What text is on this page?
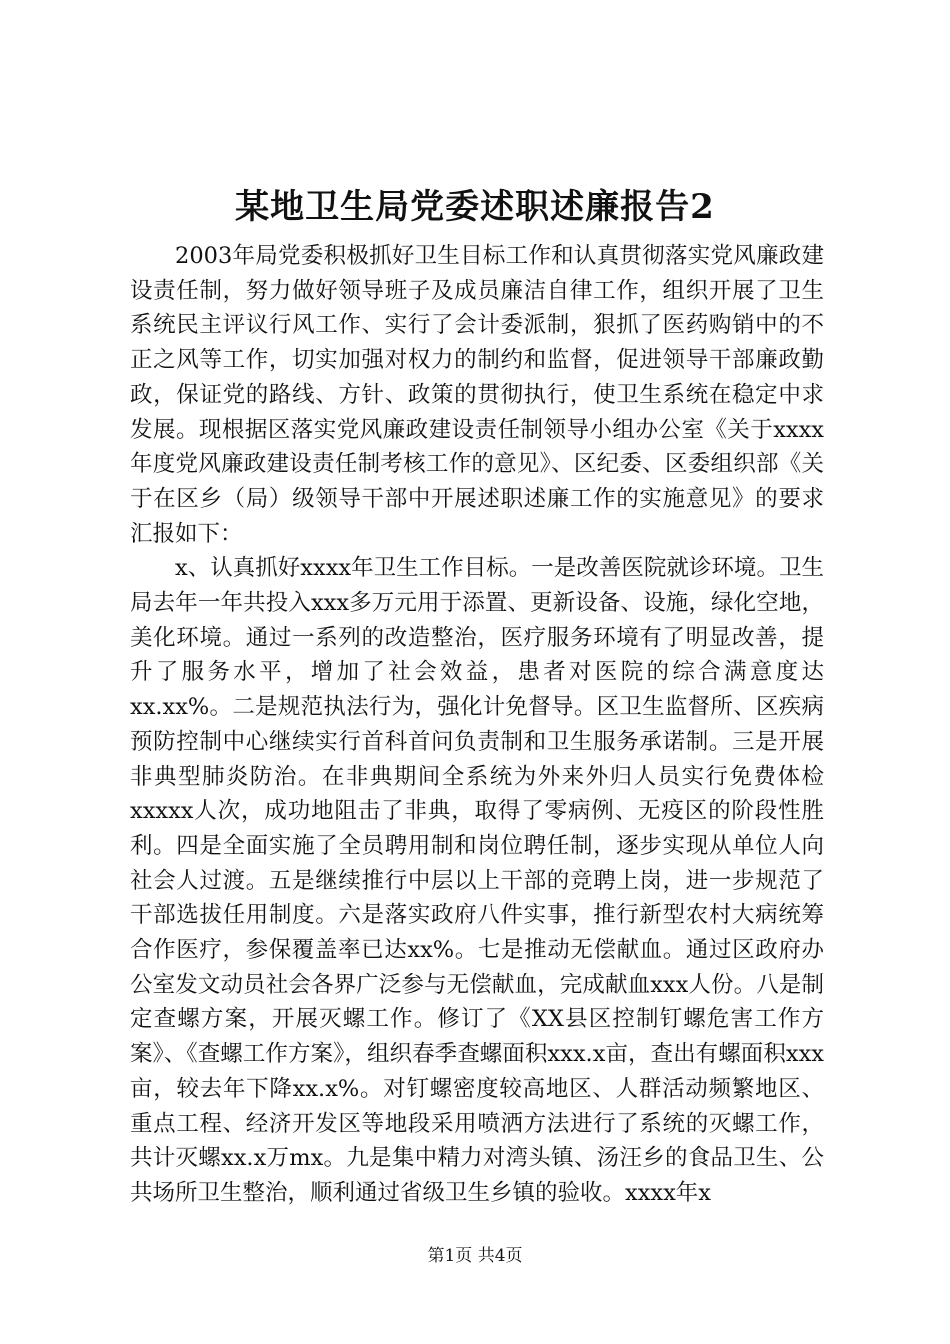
某地卫生局党委述职述廉报告2

2003年局党委积极抓好卫生目标工作和认真贯彻落实党风廉政建设责任制，努力做好领导班子及成员廉洁自律工作，组织开展了卫生系统民主评议行风工作、实行了会计委派制，狠抓了医药购销中的不正之风等工作，切实加强对权力的制约和监督，促进领导干部廉政勤政，保证党的路线、方针、政策的贯彻执行，使卫生系统在稳定中求发展。现根据区落实党风廉政建设责任制领导小组办公室《关于xxxx年度党风廉政建设责任制考核工作的意见》、区纪委、区委组织部《关于在区乡（局）级领导干部中开展述职述廉工作的实施意见》的要求汇报如下：

x、认真抓好xxxx年卫生工作目标。一是改善医院就诊环境。卫生局去年一年共投入xxx多万元用于添置、更新设备、设施，绿化空地，美化环境。通过一系列的改造整治，医疗服务环境有了明显改善，提升了服务水平，增加了社会效益，患者对医院的综合满意度达xx.xx%。二是规范执法行为，强化计免督导。区卫生监督所、区疾病预防控制中心继续实行首科首问负责制和卫生服务承诺制。三是开展非典型肺炎防治。在非典期间全系统为外来外归人员实行免费体检xxxxx人次，成功地阻击了非典，取得了零病例、无疫区的阶段性胜利。四是全面实施了全员聘用制和岗位聘任制，逐步实现从单位人向社会人过渡。五是继续推行中层以上干部的竞聘上岗，进一步规范了干部选拔任用制度。六是落实政府八件实事，推行新型农村大病统筹合作医疗，参保覆盖率已达xx%。七是推动无偿献血。通过区政府办公室发文动员社会各界广泛参与无偿献血，完成献血xxx人份。八是制定查螺方案，开展灭螺工作。修订了《XX县区控制钉螺危害工作方案》、《查螺工作方案》，组织春季查螺面积xxx.x亩，查出有螺面积xxx亩，较去年下降xx.x%。对钉螺密度较高地区、人群活动频繁地区、重点工程、经济开发区等地段采用喷洒方法进行了系统的灭螺工作，共计灭螺xx.x万mx。九是集中精力对湾头镇、汤汪乡的食品卫生、公共场所卫生整治，顺利通过省级卫生乡镇的验收。xxxx年x

第1页 共4页
